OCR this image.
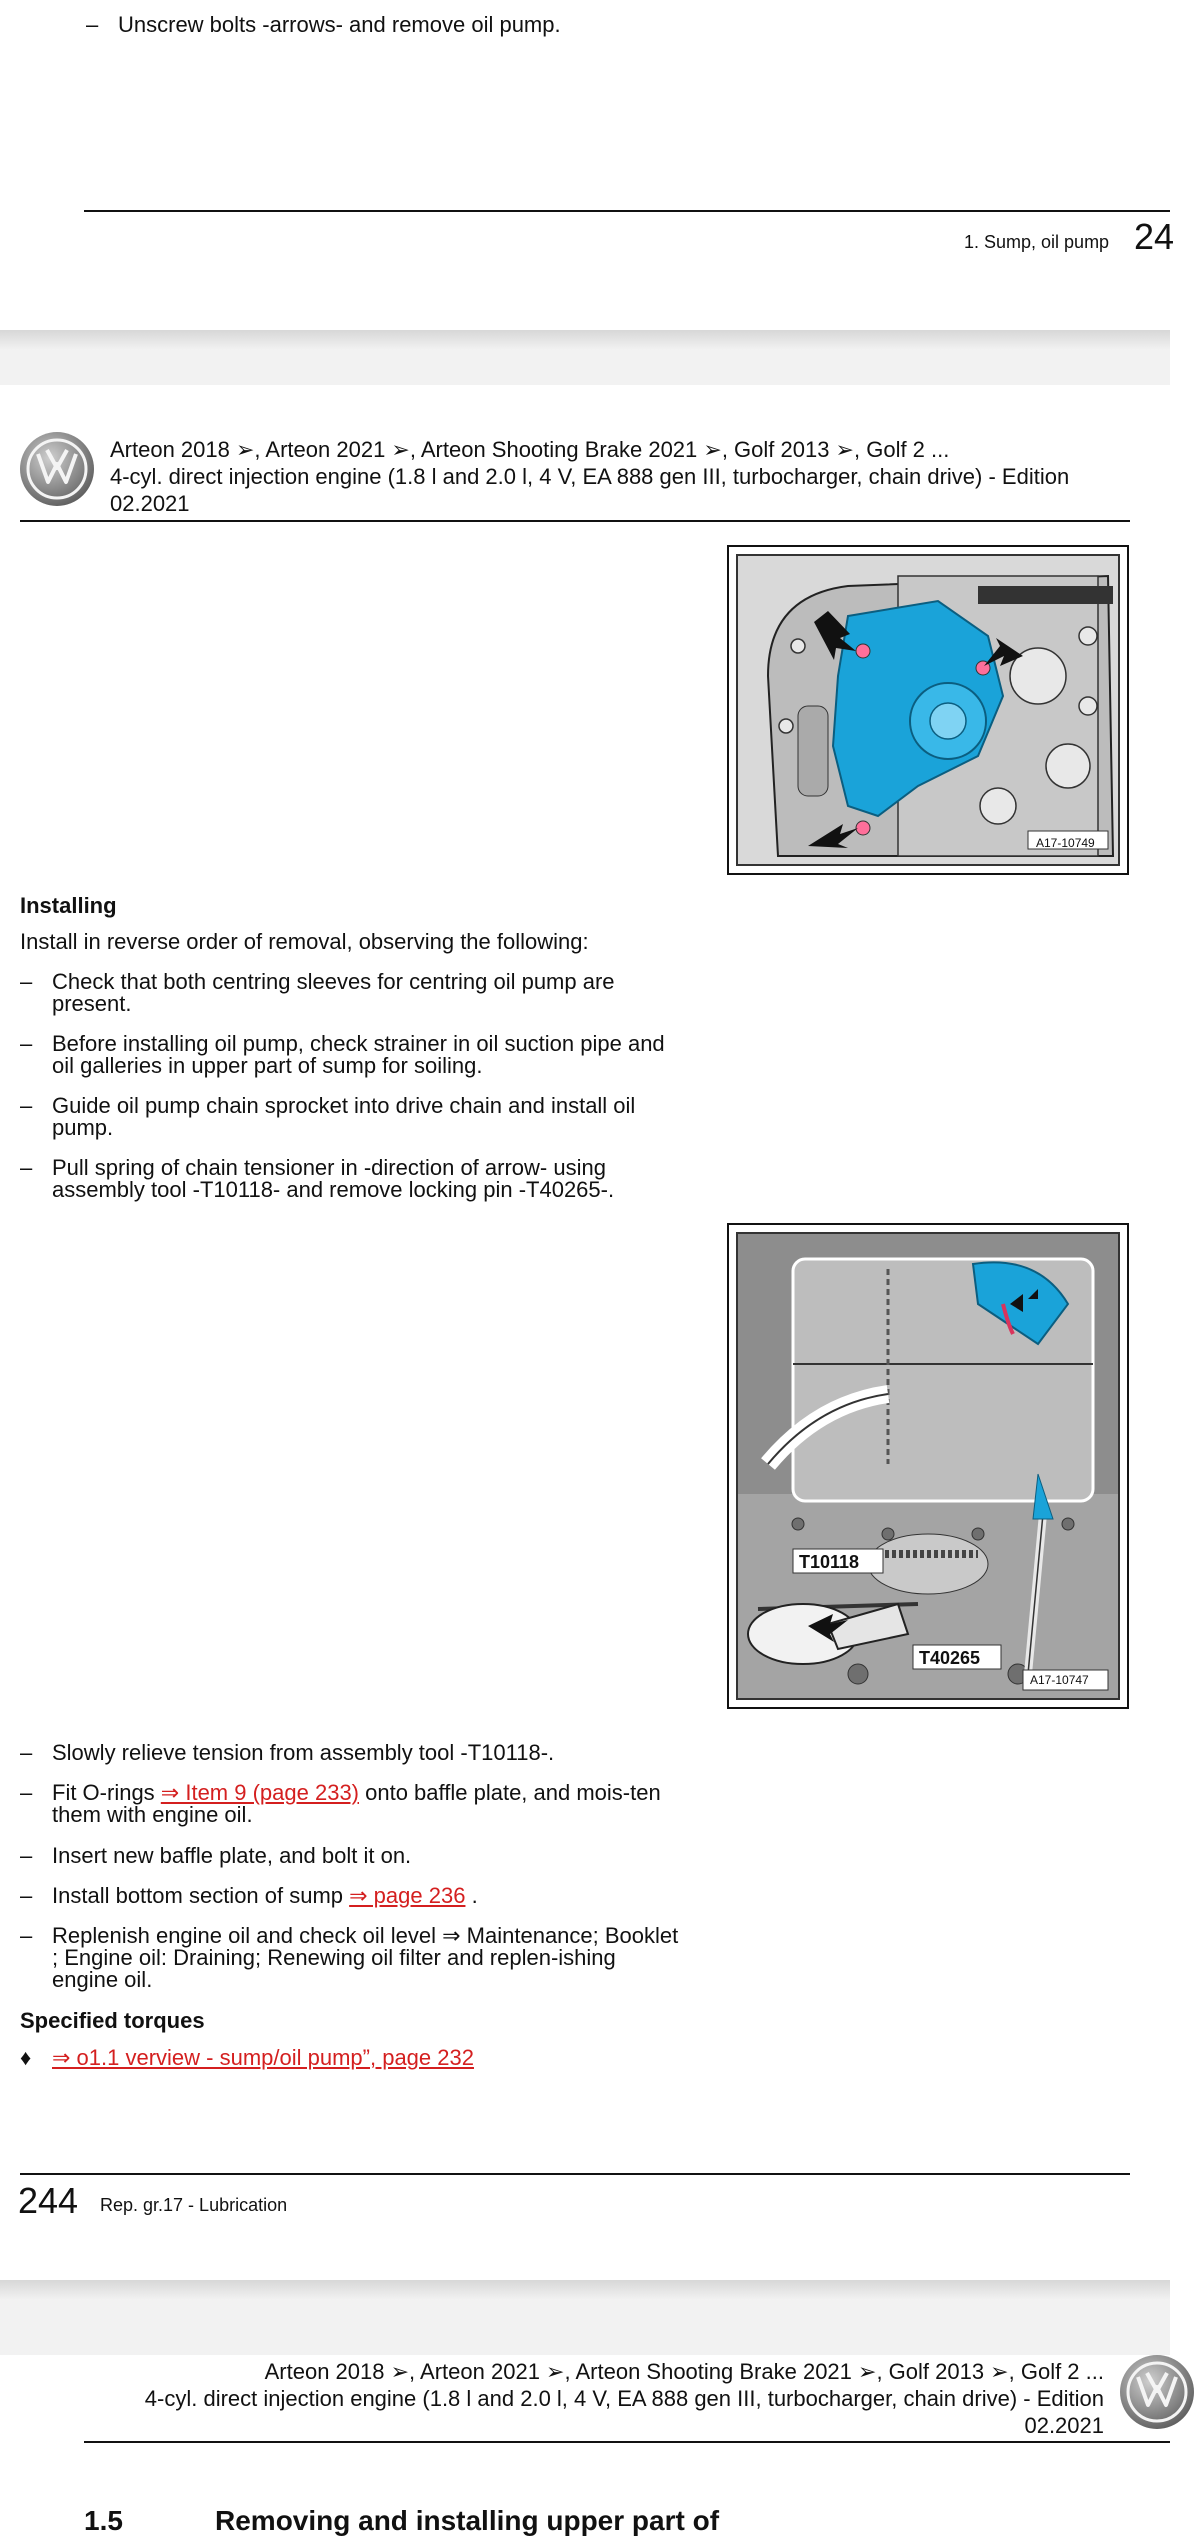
– Unscrew bolts -arrows- and remove oil pump.
1. Sump, oil pump 24
Arteon 2018 ➢, Arteon 2021 ➢, Arteon Shooting Brake 2021 ➢, Golf 2013 ➢, Golf 2 ...
4-cyl. direct injection engine (1.8 l and 2.0 l, 4 V, EA 888 gen III, turbocharger, chain drive) - Edition
02.2021
A17-10749
Installing
Install in reverse order of removal, observing the following:
– Check that both centring sleeves for centring oil pump are present.
– Before installing oil pump, check strainer in oil suction pipe and oil galleries in upper part of sump for soiling.
– Guide oil pump chain sprocket into drive chain and install oil pump.
– Pull spring of chain tensioner in -direction of arrow- using assembly tool -T10118- and remove locking pin -T40265-.
T10118
T40265
A17-10747
– Slowly relieve tension from assembly tool -T10118-.
– Fit O-rings ⇒ Item 9 (page 233) onto baffle plate, and mois-ten them with engine oil.
– Insert new baffle plate, and bolt it on.
– Install bottom section of sump ⇒ page 236 .
– Replenish engine oil and check oil level ⇒ Maintenance; Booklet ; Engine oil: Draining; Renewing oil filter and replen-ishing engine oil.
Specified torques
♦ ⇒ o1.1 verview - sump/oil pump”, page 232
244 Rep. gr.17 - Lubrication
Arteon 2018 ➢, Arteon 2021 ➢, Arteon Shooting Brake 2021 ➢, Golf 2013 ➢, Golf 2 ...
4-cyl. direct injection engine (1.8 l and 2.0 l, 4 V, EA 888 gen III, turbocharger, chain drive) - Edition
02.2021
1.5	Removing and installing upper part of
